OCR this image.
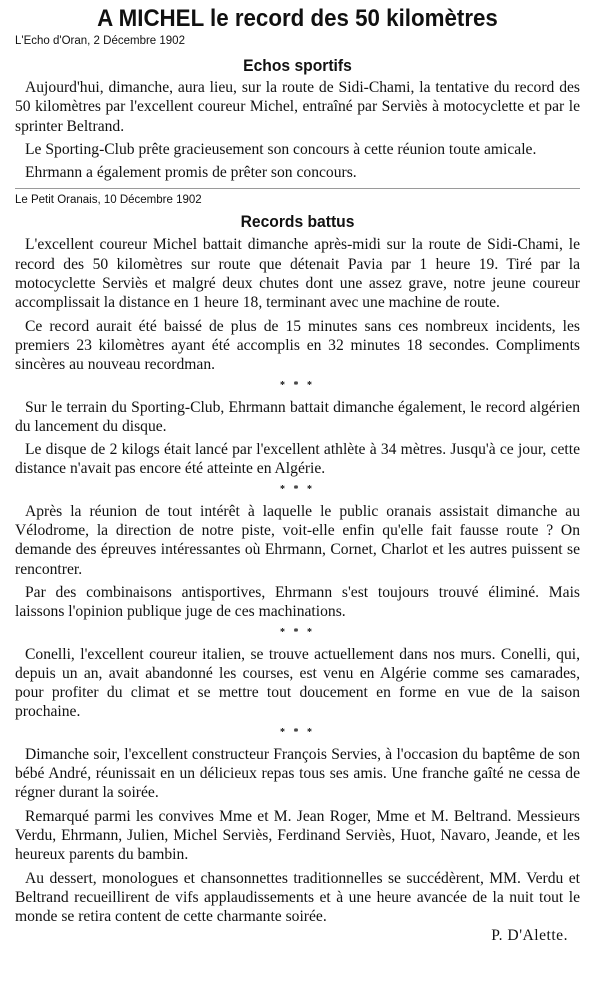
A MICHEL le record des 50 kilomètres

L'Echo d'Oran, 2 Décembre 1902

Echos sportifs

Aujourd'hui, dimanche, aura lieu, sur la route de Sidi-Chami, la tentative du record des 50 kilomètres par l'excellent coureur Michel, entraîné par Serviès à motocyclette et par le sprinter Beltrand.

Le Sporting-Club prête gracieusement son concours à cette réunion toute amicale.

Ehrmann a également promis de prêter son concours.

Le Petit Oranais, 10 Décembre 1902

Records battus

L'excellent coureur Michel battait dimanche après-midi sur la route de Sidi-Chami, le record des 50 kilomètres sur route que détenait Pavia par 1 heure 19. Tiré par la motocyclette Serviès et malgré deux chutes dont une assez grave, notre jeune coureur accomplissait la distance en 1 heure 18, terminant avec une machine de route.

Ce record aurait été baissé de plus de 15 minutes sans ces nombreux incidents, les premiers 23 kilomètres ayant été accomplis en 32 minutes 18 secondes. Compliments sincères au nouveau recordman.

* * *

Sur le terrain du Sporting-Club, Ehrmann battait dimanche également, le record algérien du lancement du disque.

Le disque de 2 kilogs était lancé par l'excellent athlète à 34 mètres. Jusqu'à ce jour, cette distance n'avait pas encore été atteinte en Algérie.

* * *

Après la réunion de tout intérêt à laquelle le public oranais assistait dimanche au Vélodrome, la direction de notre piste, voit-elle enfin qu'elle fait fausse route ? On demande des épreuves intéressantes où Ehrmann, Cornet, Charlot et les autres puissent se rencontrer.

Par des combinaisons antisportives, Ehrmann s'est toujours trouvé éliminé. Mais laissons l'opinion publique juge de ces machinations.

* * *

Conelli, l'excellent coureur italien, se trouve actuellement dans nos murs. Conelli, qui, depuis un an, avait abandonné les courses, est venu en Algérie comme ses camarades, pour profiter du climat et se mettre tout doucement en forme en vue de la saison prochaine.

* * *

Dimanche soir, l'excellent constructeur François Servies, à l'occasion du baptême de son bébé André, réunissait en un délicieux repas tous ses amis. Une franche gaîté ne cessa de régner durant la soirée.

Remarqué parmi les convives Mme et M. Jean Roger, Mme et M. Beltrand. Messieurs Verdu, Ehrmann, Julien, Michel Serviès, Ferdinand Serviès, Huot, Navaro, Jeande, et les heureux parents du bambin.

Au dessert, monologues et chansonnettes traditionnelles se succédèrent, MM. Verdu et Beltrand recueillirent de vifs applaudissements et à une heure avancée de la nuit tout le monde se retira content de cette charmante soirée.

P. D'Alette.
